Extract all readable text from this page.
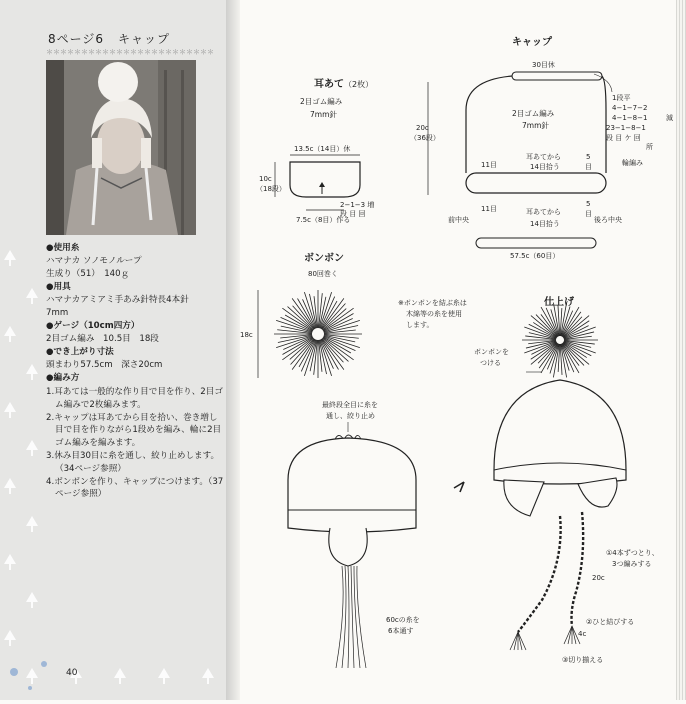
8ページ6 キャップ
＊＊＊＊＊＊＊＊＊＊＊＊＊＊＊＊＊＊＊＊＊＊＊＊
● 使用糸
ハマナカ ソノモノループ
生成り（51）　140ｇ
● 用具
ハマナカアミアミ手あみ針特長4本針
7mm
● ゲージ（10cm四方）
2目ゴム編み　10.5目　18段
● でき上がり寸法
頭まわり57.5cm　深さ20cm
● 編み方
1.耳あては一般的な作り目で目を作り、2目ゴム編みで2枚編みます。
2.キャップは耳あてから目を拾い、巻き増し目で目を作りながら1段めを編み、輪に2目ゴム編みを編みます。
3.休み目30目に糸を通し、絞り止めします。（34ページ参照）
4.ボンボンを作り、キャップにつけます。（37ページ参照）
40
耳あて （2枚）
2目ゴム編み
7mm針
13.5c（14目）休
10c
（18段）
2−1−3 増
段 目 回
7.5c（8目）作る
キャップ
30目休
2目ゴム編み
7mm針
20c
（36段）
11目
耳あてから
14目拾う
5
目
11目	耳あてから
14目拾う
5
目
前中央	後ろ中央
1段平
4−1−7−2
4−1−8−1
23−1−8−1
段 目 ケ 回
所
減
輪編み
57.5c（60目）
ボンボン
80回巻く
18c
※ボンボンを結ぶ糸は
木綿等の糸を使用
します。
最終段全目に糸を
通し、絞り止め
60cの糸を
6本通す
仕上げ
ボンボンを
つける
①4本ずつとり、
3つ編みする
20c
②ひと結びする
4c
③切り揃える
